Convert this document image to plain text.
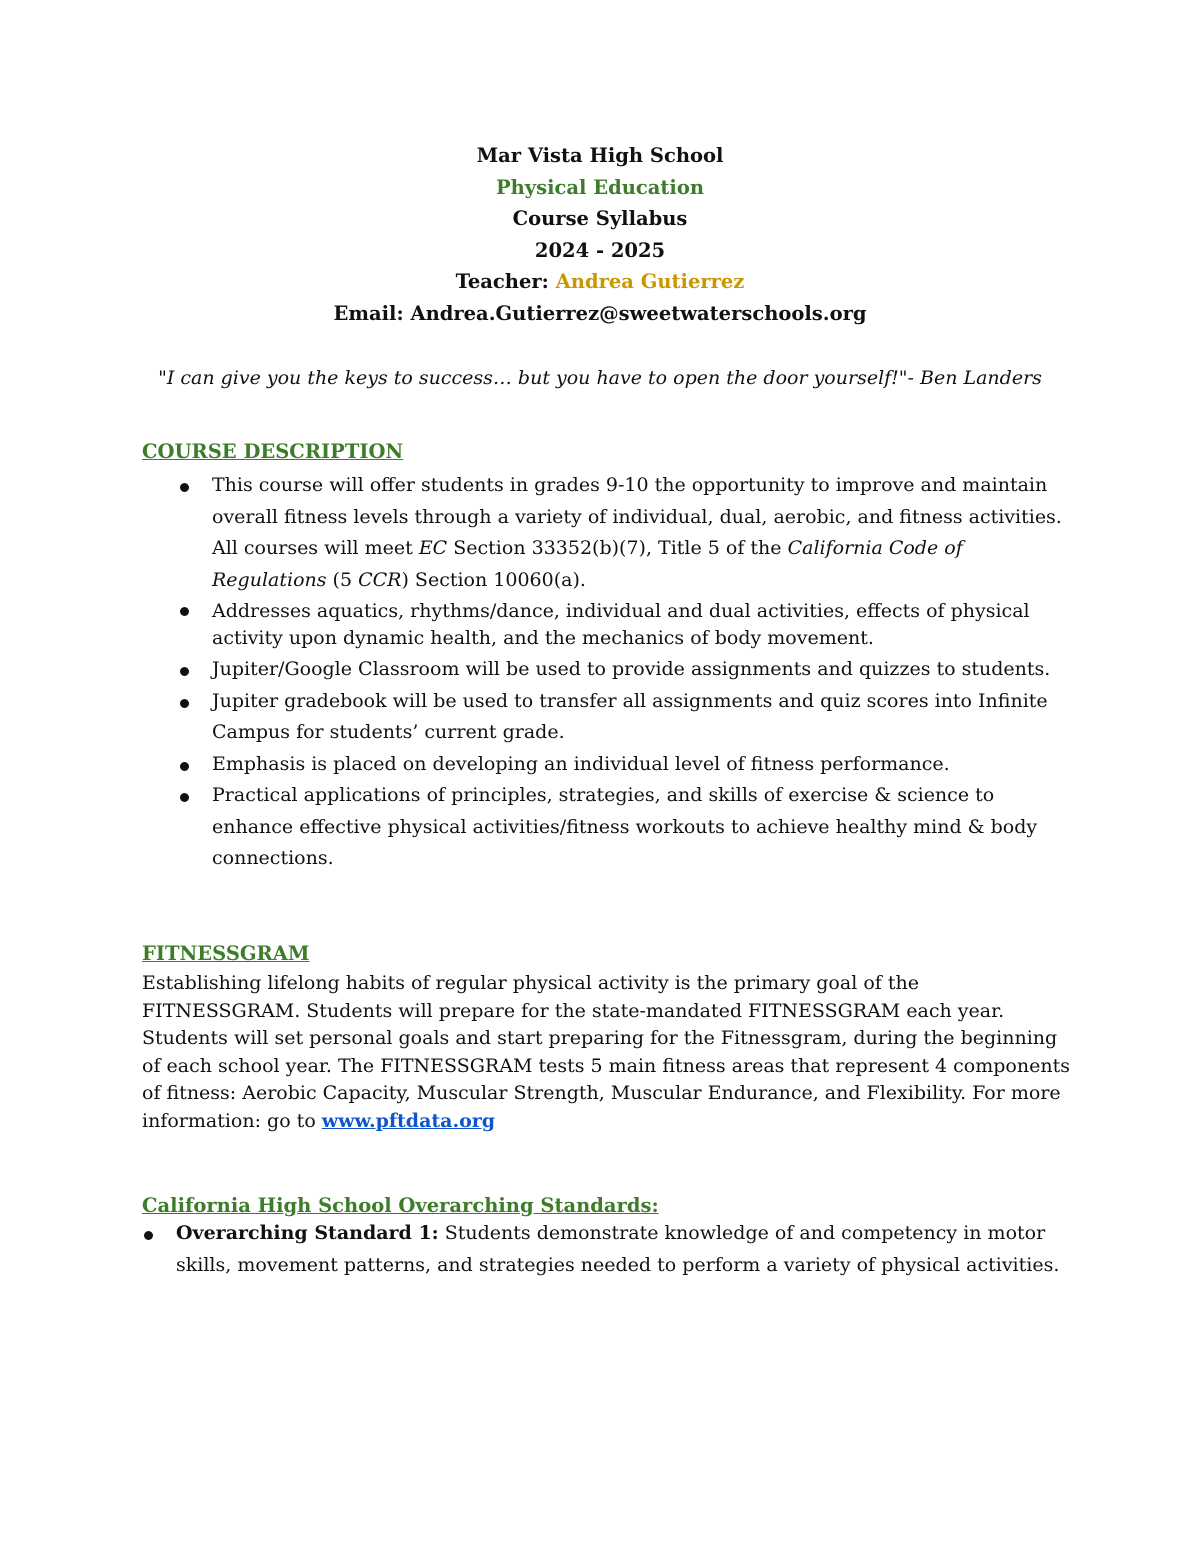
Mar Vista High School
Physical Education
Course Syllabus
2024 - 2025
Teacher: Andrea Gutierrez
Email: Andrea.Gutierrez@sweetwaterschools.org
"I can give you the keys to success… but you have to open the door yourself!"- Ben Landers
COURSE DESCRIPTION
This course will offer students in grades 9-10 the opportunity to improve and maintain overall fitness levels through a variety of individual, dual, aerobic, and fitness activities. All courses will meet EC Section 33352(b)(7), Title 5 of the California Code of Regulations (5 CCR) Section 10060(a).
Addresses aquatics, rhythms/dance, individual and dual activities, effects of physical activity upon dynamic health, and the mechanics of body movement.
Jupiter/Google Classroom will be used to provide assignments and quizzes to students.
Jupiter gradebook will be used to transfer all assignments and quiz scores into Infinite Campus for students’ current grade.
Emphasis is placed on developing an individual level of fitness performance.
Practical applications of principles, strategies, and skills of exercise & science to enhance effective physical activities/fitness workouts to achieve healthy mind & body connections.
FITNESSGRAM
Establishing lifelong habits of regular physical activity is the primary goal of the FITNESSGRAM. Students will prepare for the state-mandated FITNESSGRAM each year. Students will set personal goals and start preparing for the Fitnessgram, during the beginning of each school year. The FITNESSGRAM tests 5 main fitness areas that represent 4 components of fitness: Aerobic Capacity, Muscular Strength, Muscular Endurance, and Flexibility. For more information: go to www.pftdata.org
California High School Overarching Standards:
Overarching Standard 1: Students demonstrate knowledge of and competency in motor skills, movement patterns, and strategies needed to perform a variety of physical activities.
